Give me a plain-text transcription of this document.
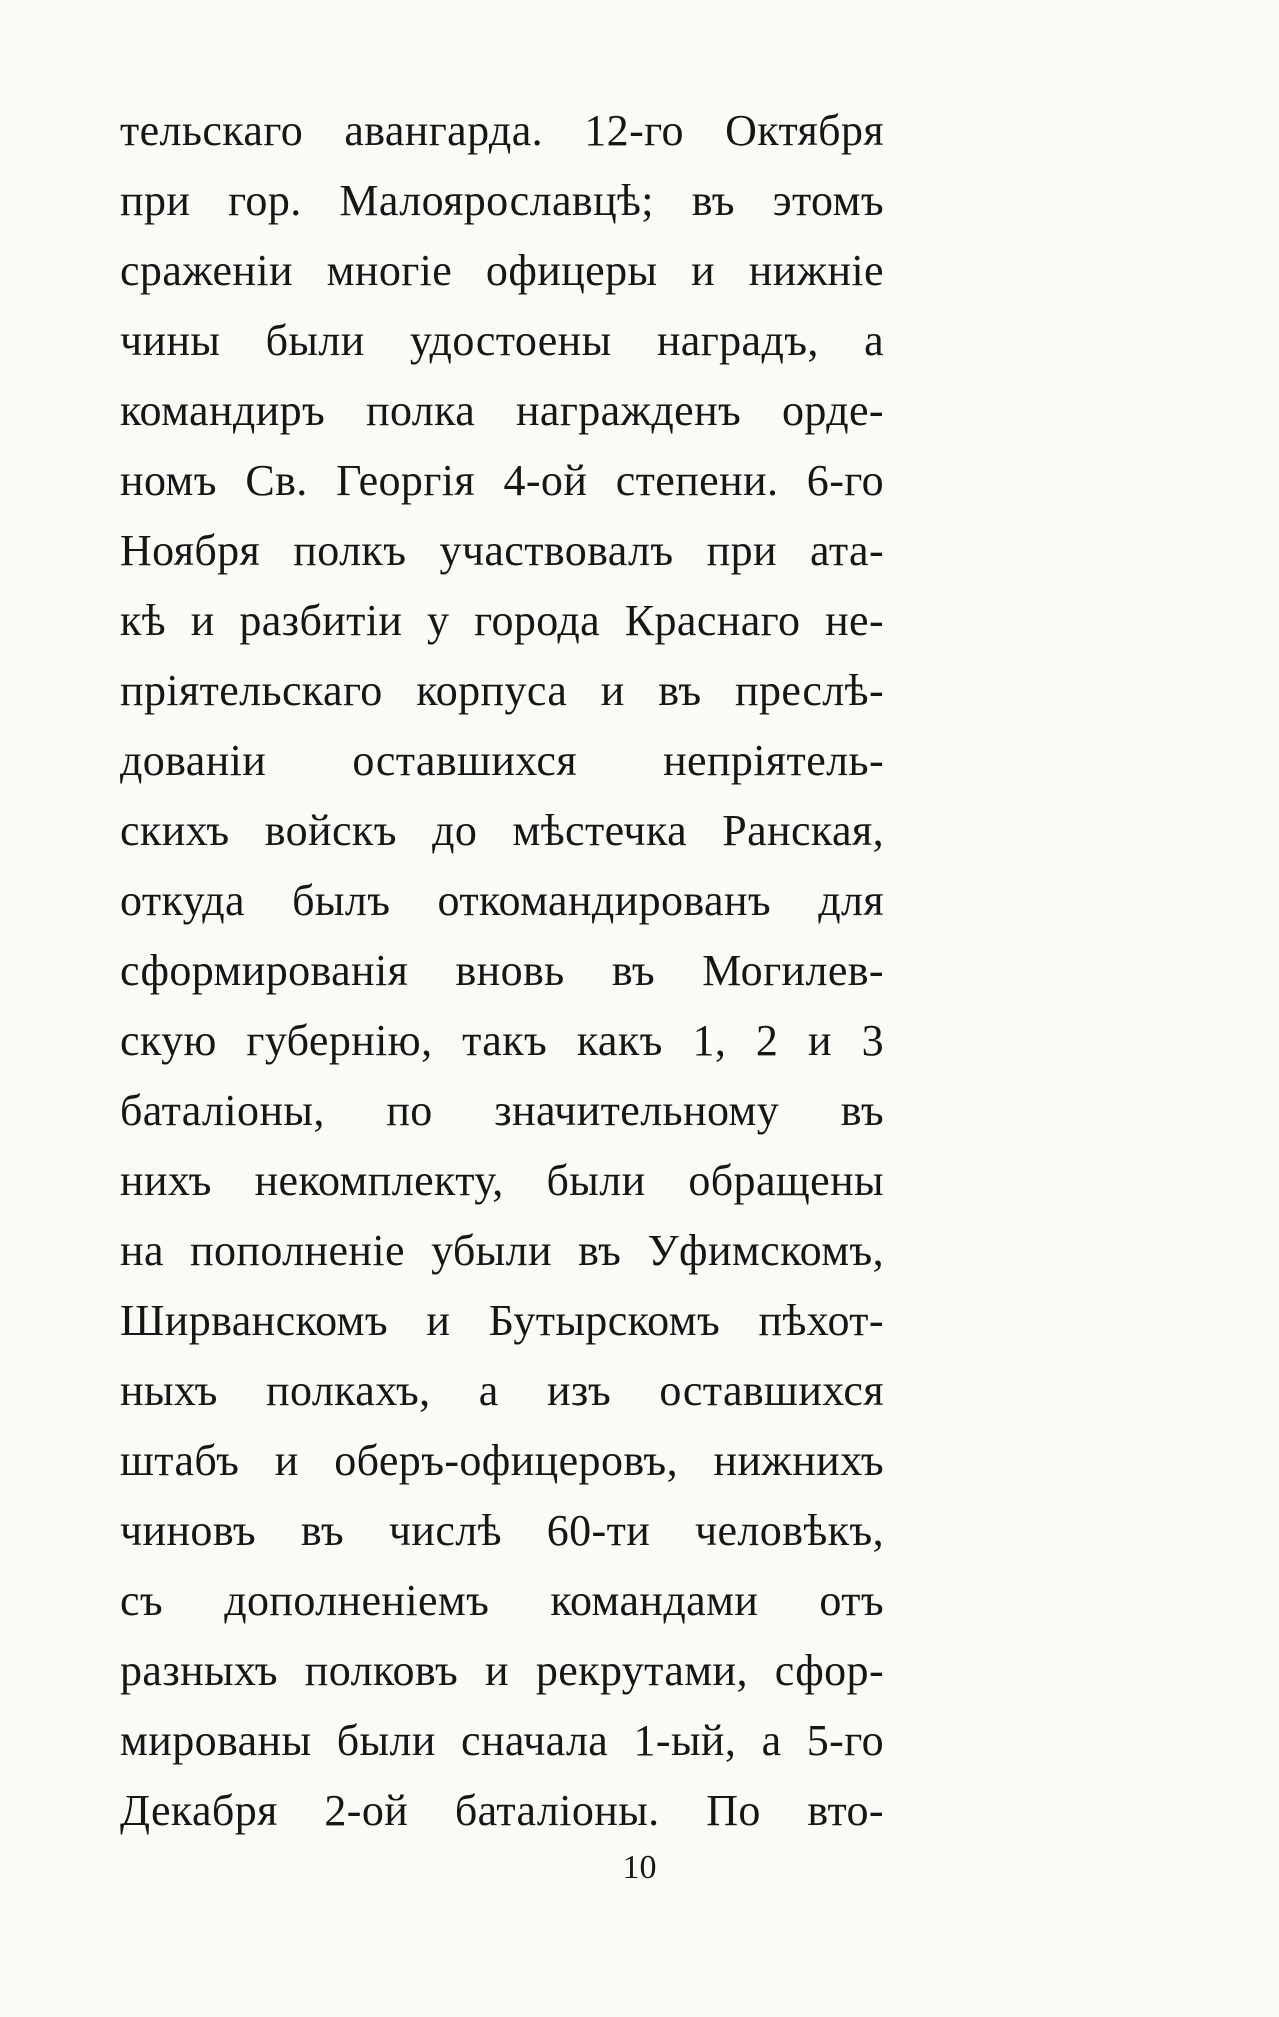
тельскаго авангарда. 12-го Октября
при гор. Малоярославцѣ; въ этомъ
сраженіи многіе офицеры и нижніе
чины были удостоены наградъ, а
командиръ полка награжденъ орде-
номъ Св. Георгія 4-ой степени. 6-го
Ноября полкъ участвовалъ при ата-
кѣ и разбитіи у города Краснаго не-
пріятельскаго корпуса и въ преслѣ-
дованіи оставшихся непріятель-
скихъ войскъ до мѣстечка Ранская,
откуда былъ откомандированъ для
сформированія вновь въ Могилев-
скую губернію, такъ какъ 1, 2 и 3
баталіоны, по значительному въ
нихъ некомплекту, были обращены
на пополненіе убыли въ Уфимскомъ,
Ширванскомъ и Бутырскомъ пѣхот-
ныхъ полкахъ, а изъ оставшихся
штабъ и оберъ-офицеровъ, нижнихъ
чиновъ въ числѣ 60-ти человѣкъ,
съ дополненіемъ командами отъ
разныхъ полковъ и рекрутами, сфор-
мированы были сначала 1-ый, а 5-го
Декабря 2-ой баталіоны. По вто-
10
